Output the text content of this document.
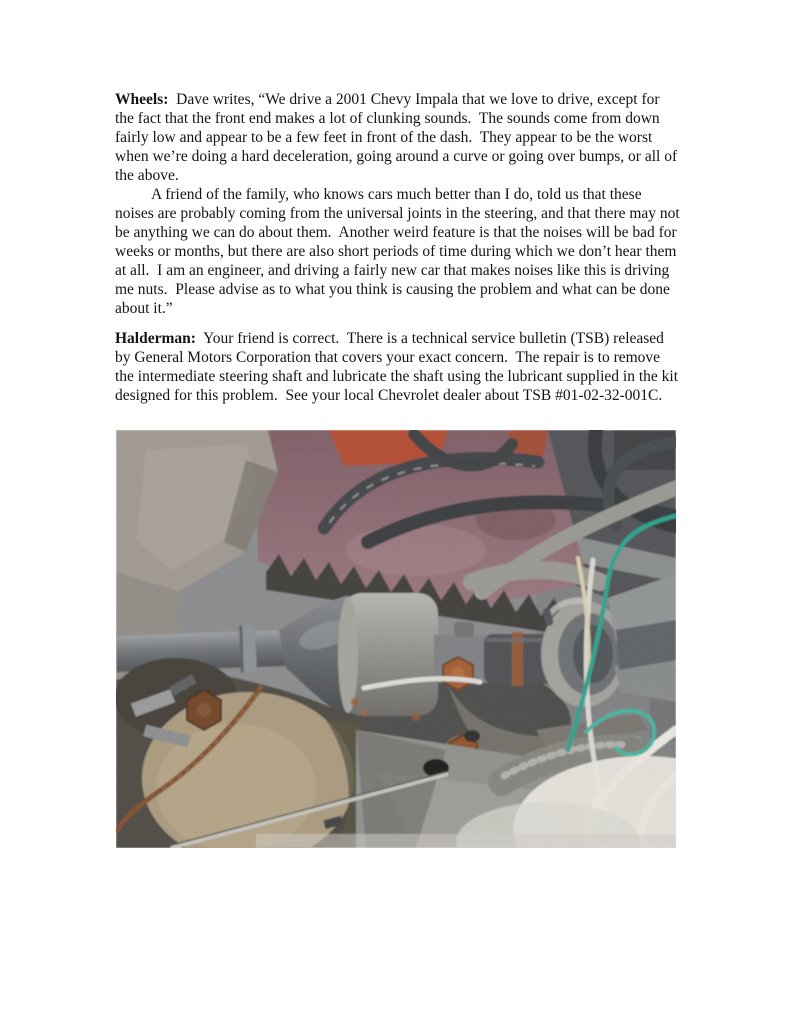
Wheels:  Dave writes, “We drive a 2001 Chevy Impala that we love to drive, except for the fact that the front end makes a lot of clunking sounds.  The sounds come from down fairly low and appear to be a few feet in front of the dash.  They appear to be the worst when we’re doing a hard deceleration, going around a curve or going over bumps, or all of the above.

A friend of the family, who knows cars much better than I do, told us that these noises are probably coming from the universal joints in the steering, and that there may not be anything we can do about them.  Another weird feature is that the noises will be bad for weeks or months, but there are also short periods of time during which we don’t hear them at all.  I am an engineer, and driving a fairly new car that makes noises like this is driving me nuts.  Please advise as to what you think is causing the problem and what can be done about it.”

Halderman:  Your friend is correct.  There is a technical service bulletin (TSB) released by General Motors Corporation that covers your exact concern.  The repair is to remove the intermediate steering shaft and lubricate the shaft using the lubricant supplied in the kit designed for this problem.  See your local Chevrolet dealer about TSB #01-02-32-001C.
